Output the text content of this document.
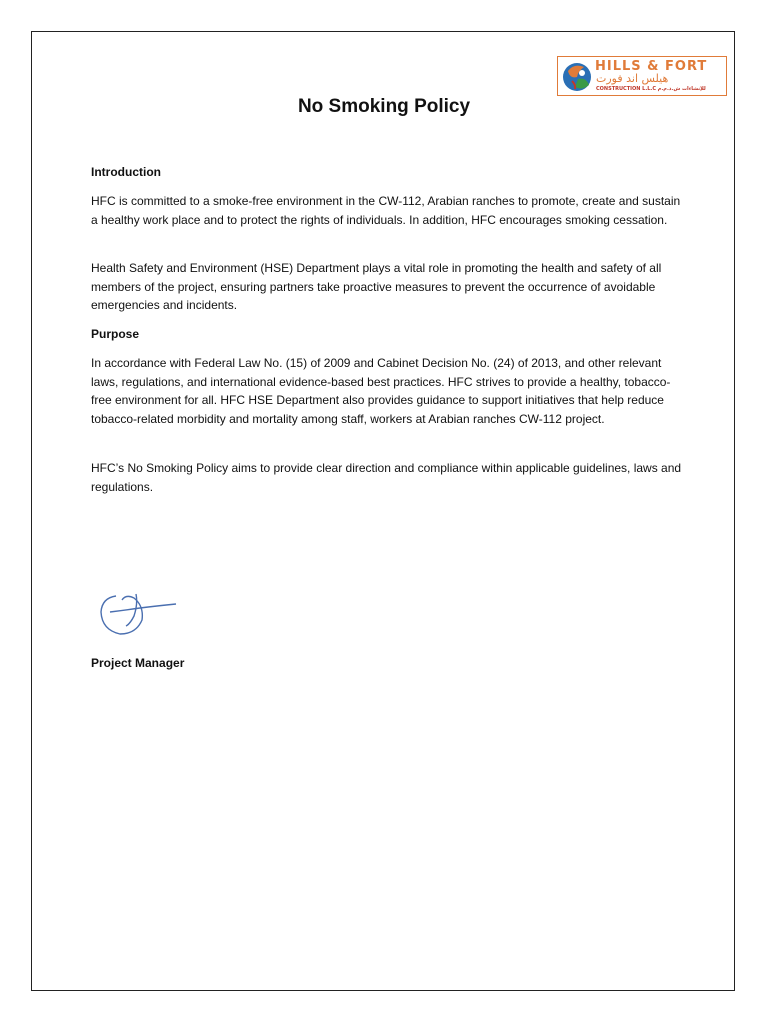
HILLS & FORT
هيلس اند فورت
CONSTRUCTION L.L.C للإنشاءات ش.ذ.م.م
No Smoking Policy
Introduction
HFC is committed to a smoke-free environment in the CW-112, Arabian ranches to promote, create and sustain a healthy work place and to protect the rights of individuals. In addition, HFC encourages smoking cessation.
Health Safety and Environment (HSE) Department plays a vital role in promoting the health and safety of all members of the project, ensuring partners take proactive measures to prevent the occurrence of avoidable emergencies and incidents.
Purpose
In accordance with Federal Law No. (15) of 2009 and Cabinet Decision No. (24) of 2013, and other relevant laws, regulations, and international evidence-based best practices. HFC strives to provide a healthy, tobacco-free environment for all. HFC HSE Department also provides guidance to support initiatives that help reduce tobacco-related morbidity and mortality among staff, workers at Arabian ranches CW-112 project.
HFC’s No Smoking Policy aims to provide clear direction and compliance within applicable guidelines, laws and regulations.
Project Manager
